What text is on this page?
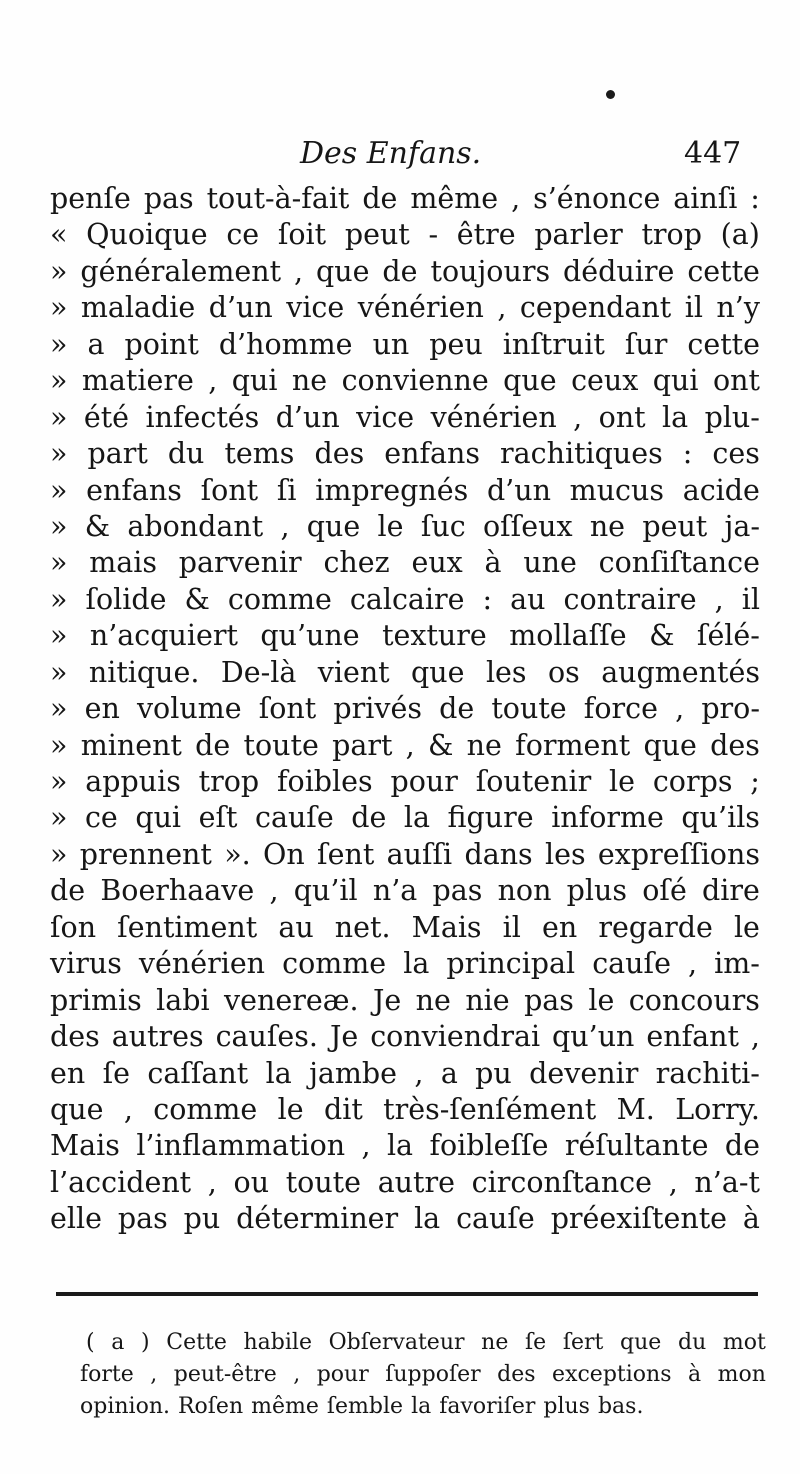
Des Enfans.	447
penſe pas tout-à-fait de même , s’énonce ainſi :
« Quoique ce ſoit peut - être parler trop (a)
» généralement , que de toujours déduire cette
» maladie d’un vice vénérien , cependant il n’y
» a point d’homme un peu inſtruit ſur cette
» matiere , qui ne convienne que ceux qui ont
» été infectés d’un vice vénérien , ont la plu-
» part du tems des enfans rachitiques : ces
» enfans ſont ſi impregnés d’un mucus acide
» & abondant , que le ſuc oſſeux ne peut ja-
» mais parvenir chez eux à une conſiſtance
» ſolide & comme calcaire : au contraire , il
» n’acquiert qu’une texture mollaſſe & ſélé-
» nitique. De-là vient que les os augmentés
» en volume ſont privés de toute force , pro-
» minent de toute part , & ne forment que des
» appuis trop foibles pour ſoutenir le corps ;
» ce qui eſt cauſe de la figure informe qu’ils
» prennent ». On ſent auſſi dans les expreſſions
de Boerhaave , qu’il n’a pas non plus oſé dire
ſon ſentiment au net. Mais il en regarde le
virus vénérien comme la principal cauſe , im-
primis labi venereæ. Je ne nie pas le concours
des autres cauſes. Je conviendrai qu’un enfant ,
en ſe caſſant la jambe , a pu devenir rachiti-
que , comme le dit très-ſenſément M. Lorry.
Mais l’inflammation , la foibleſſe réſultante de
l’accident , ou toute autre circonſtance , n’a-t
elle pas pu déterminer la cauſe préexiſtente à
( a ) Cette habile Obſervateur ne ſe ſert que du mot
forte , peut-être , pour ſuppoſer des exceptions à mon
opinion. Roſen même ſemble la favoriſer plus bas.
